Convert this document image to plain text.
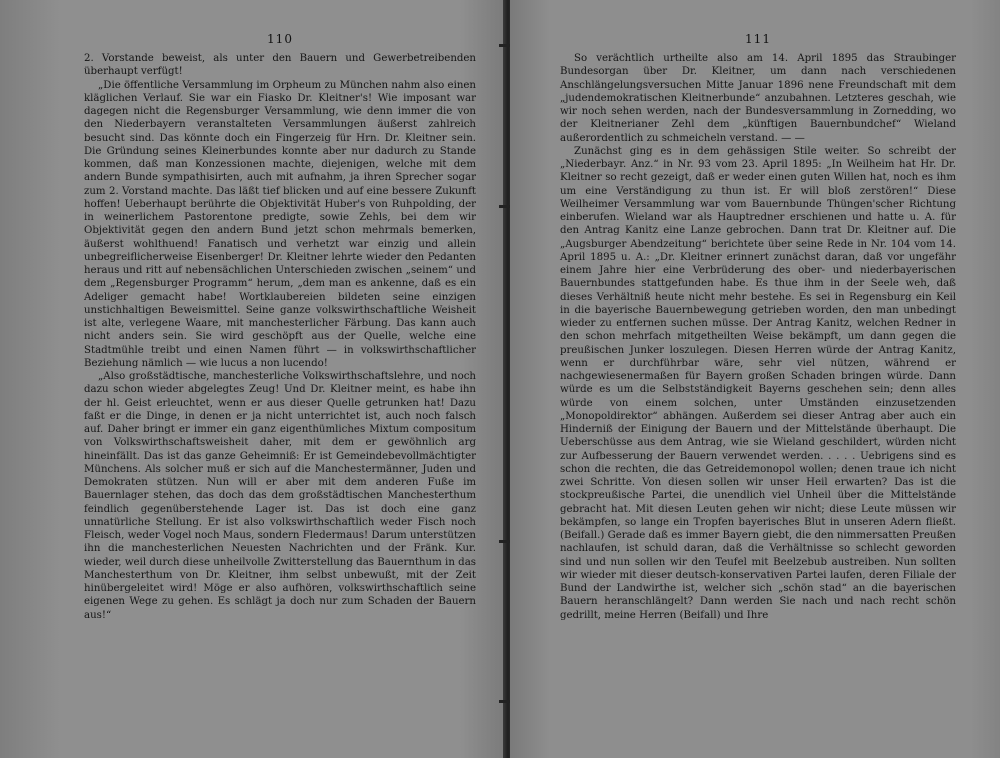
110

2. Vorstande beweist, als unter den Bauern und Gewerbetreibenden überhaupt verfügt!

„Die öffentliche Versammlung im Orpheum zu München nahm also einen kläglichen Verlauf. Sie war ein Fiasko Dr. Kleitner's! Wie imposant war dagegen nicht die Regensburger Versammlung, wie denn immer die von den Niederbayern veranstalteten Versammlungen äußerst zahlreich besucht sind. Das könnte doch ein Fingerzeig für Hrn. Dr. Kleitner sein. Die Gründung seines Kleinerbundes konnte aber nur dadurch zu Stande kommen, daß man Konzessionen machte, diejenigen, welche mit dem andern Bunde sympathisirten, auch mit aufnahm, ja ihren Sprecher sogar zum 2. Vorstand machte. Das läßt tief blicken und auf eine bessere Zukunft hoffen! Ueberhaupt berührte die Objektivität Huber's von Ruhpolding, der in weinerlichem Pastorentone predigte, sowie Zehls, bei dem wir Objektivität gegen den andern Bund jetzt schon mehrmals bemerken, äußerst wohlthuend! Fanatisch und verhetzt war einzig und allein unbegreiflicherweise Eisenberger! Dr. Kleitner lehrte wieder den Pedanten heraus und ritt auf nebensächlichen Unterschieden zwischen „seinem“ und dem „Regensburger Programm“ herum, „dem man es ankenne, daß es ein Adeliger gemacht habe! Wortklaubereien bildeten seine einzigen unstichhaltigen Beweismittel. Seine ganze volkswirthschaftliche Weisheit ist alte, verlegene Waare, mit manchesterlicher Färbung. Das kann auch nicht anders sein. Sie wird geschöpft aus der Quelle, welche eine Stadtmühle treibt und einen Namen führt — in volkswirthschaftlicher Beziehung nämlich — wie lucus a non lucendo!

„Also großstädtische, manchesterliche Volkswirthschaftslehre, und noch dazu schon wieder abgelegtes Zeug! Und Dr. Kleitner meint, es habe ihn der hl. Geist erleuchtet, wenn er aus dieser Quelle getrunken hat! Dazu faßt er die Dinge, in denen er ja nicht unterrichtet ist, auch noch falsch auf. Daher bringt er immer ein ganz eigenthümliches Mixtum compositum von Volkswirthschaftsweisheit daher, mit dem er gewöhnlich arg hineinfällt. Das ist das ganze Geheimniß: Er ist Gemeindebevollmächtigter Münchens. Als solcher muß er sich auf die Manchestermänner, Juden und Demokraten stützen. Nun will er aber mit dem anderen Fuße im Bauernlager stehen, das doch das dem großstädtischen Manchesterthum feindlich gegenüberstehende Lager ist. Das ist doch eine ganz unnatürliche Stellung. Er ist also volkswirthschaftlich weder Fisch noch Fleisch, weder Vogel noch Maus, sondern Fledermaus! Darum unterstützen ihn die manchesterlichen Neuesten Nachrichten und der Fränk. Kur. wieder, weil durch diese unheilvolle Zwitterstellung das Bauernthum in das Manchesterthum von Dr. Kleitner, ihm selbst unbewußt, mit der Zeit hinübergeleitet wird! Möge er also aufhören, volkswirthschaftlich seine eigenen Wege zu gehen. Es schlägt ja doch nur zum Schaden der Bauern aus!“

111

So verächtlich urtheilte also am 14. April 1895 das Straubinger Bundesorgan über Dr. Kleitner, um dann nach verschiedenen Anschlängelungsversuchen Mitte Januar 1896 nene Freundschaft mit dem „judendemokratischen Kleitnerbunde“ anzubahnen. Letzteres geschah, wie wir noch sehen werden, nach der Bundesversammlung in Zornedding, wo der Kleitnerianer Zehl dem „künftigen Bauernbundchef“ Wieland außerordentlich zu schmeicheln verstand. — —

Zunächst ging es in dem gehässigen Stile weiter. So schreibt der „Niederbayr. Anz.“ in Nr. 93 vom 23. April 1895: „In Weilheim hat Hr. Dr. Kleitner so recht gezeigt, daß er weder einen guten Willen hat, noch es ihm um eine Verständigung zu thun ist. Er will bloß zerstören!“ Diese Weilheimer Versammlung war vom Bauernbunde Thüngen'scher Richtung einberufen. Wieland war als Hauptredner erschienen und hatte u. A. für den Antrag Kanitz eine Lanze gebrochen. Dann trat Dr. Kleitner auf. Die „Augsburger Abendzeitung“ berichtete über seine Rede in Nr. 104 vom 14. April 1895 u. A.: „Dr. Kleitner erinnert zunächst daran, daß vor ungefähr einem Jahre hier eine Verbrüderung des ober- und niederbayerischen Bauernbundes stattgefunden habe. Es thue ihm in der Seele weh, daß dieses Verhältniß heute nicht mehr bestehe. Es sei in Regensburg ein Keil in die bayerische Bauernbewegung getrieben worden, den man unbedingt wieder zu entfernen suchen müsse. Der Antrag Kanitz, welchen Redner in den schon mehrfach mitgetheilten Weise bekämpft, um dann gegen die preußischen Junker loszulegen. Diesen Herren würde der Antrag Kanitz, wenn er durchführbar wäre, sehr viel nützen, während er nachgewiesenermaßen für Bayern großen Schaden bringen würde. Dann würde es um die Selbstständigkeit Bayerns geschehen sein; denn alles würde von einem solchen, unter Umständen einzusetzenden „Monopoldirektor“ abhängen. Außerdem sei dieser Antrag aber auch ein Hinderniß der Einigung der Bauern und der Mittelstände überhaupt. Die Ueberschüsse aus dem Antrag, wie sie Wieland geschildert, würden nicht zur Aufbesserung der Bauern verwendet werden. . . . . Uebrigens sind es schon die rechten, die das Getreidemonopol wollen; denen traue ich nicht zwei Schritte. Von diesen sollen wir unser Heil erwarten? Das ist die stockpreußische Partei, die unendlich viel Unheil über die Mittelstände gebracht hat. Mit diesen Leuten gehen wir nicht; diese Leute müssen wir bekämpfen, so lange ein Tropfen bayerisches Blut in unseren Adern fließt. (Beifall.) Gerade daß es immer Bayern giebt, die den nimmersatten Preußen nachlaufen, ist schuld daran, daß die Verhältnisse so schlecht geworden sind und nun sollen wir den Teufel mit Beelzebub austreiben. Nun sollten wir wieder mit dieser deutsch-konservativen Partei laufen, deren Filiale der Bund der Landwirthe ist, welcher sich „schön stad“ an die bayerischen Bauern heranschlängelt? Dann werden Sie nach und nach recht schön gedrillt, meine Herren (Beifall) und Ihre
